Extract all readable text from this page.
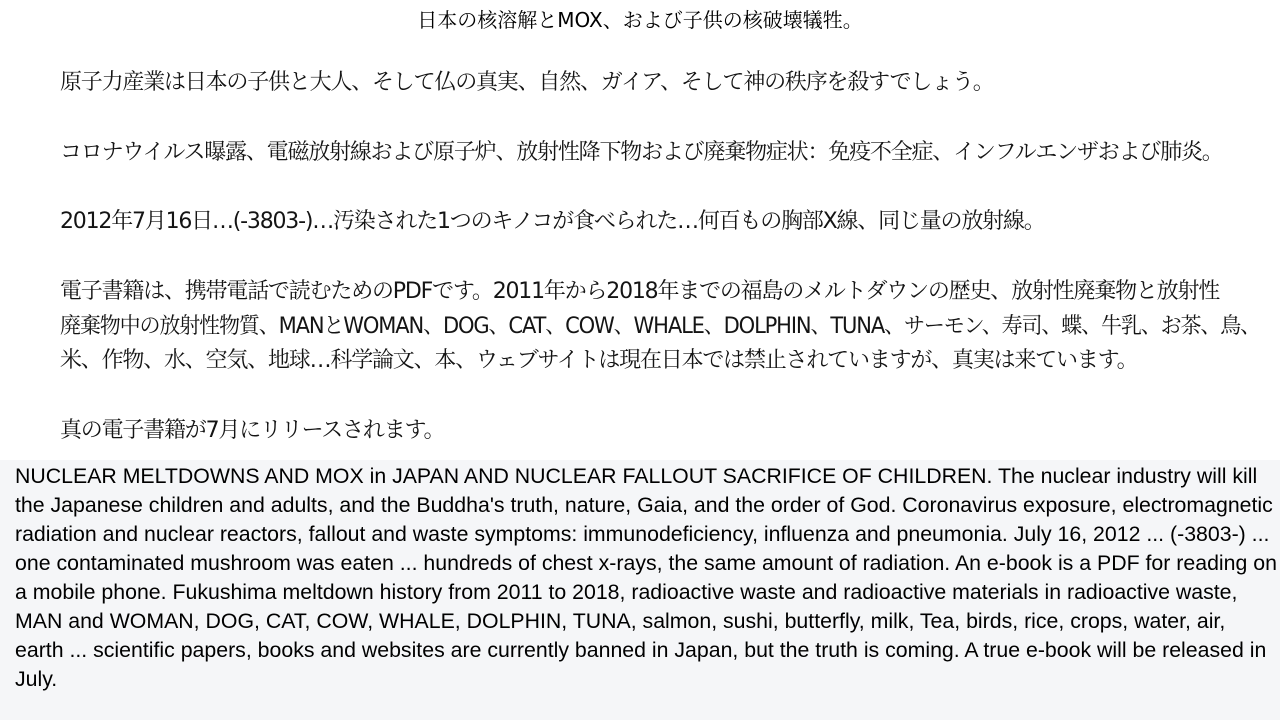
日本の核溶解とMOX、および子供の核破壊犠牲。

原子力産業は日本の子供と大人、そして仏の真実、自然、ガイア、そして神の秩序を殺すでしょう。

コロナウイルス曝露、電磁放射線および原子炉、放射性降下物および廃棄物症状：免疫不全症、インフルエンザおよび肺炎。

2012年7月16日…(-3803-)…汚染された1つのキノコが食べられた…何百もの胸部X線、同じ量の放射線。

電子書籍は、携帯電話で読むためのPDFです。2011年から2018年までの福島のメルトダウンの歴史、放射性廃棄物と放射性

廃棄物中の放射性物質、MANとWOMAN、DOG、CAT、COW、WHALE、DOLPHIN、TUNA、サーモン、寿司、蝶、牛乳、お茶、鳥、

米、作物、水、空気、地球…科学論文、本、ウェブサイトは現在日本では禁止されていますが、真実は来ています。

真の電子書籍が7月にリリースされます。

NUCLEAR MELTDOWNS AND MOX in JAPAN AND NUCLEAR FALLOUT SACRIFICE OF CHILDREN. The nuclear industry will kill the Japanese children and adults, and the Buddha's truth, nature, Gaia, and the order of God. Coronavirus exposure, electromagnetic radiation and nuclear reactors, fallout and waste symptoms: immunodeficiency, influenza and pneumonia. July 16, 2012 ... (-3803-) ... one contaminated mushroom was eaten ... hundreds of chest x-rays, the same amount of radiation. An e-book is a PDF for reading on a mobile phone. Fukushima meltdown history from 2011 to 2018, radioactive waste and radioactive materials in radioactive waste, MAN and WOMAN, DOG, CAT, COW, WHALE, DOLPHIN, TUNA, salmon, sushi, butterfly, milk, Tea, birds, rice, crops, water, air, earth ... scientific papers, books and websites are currently banned in Japan, but the truth is coming. A true e-book will be released in July.
